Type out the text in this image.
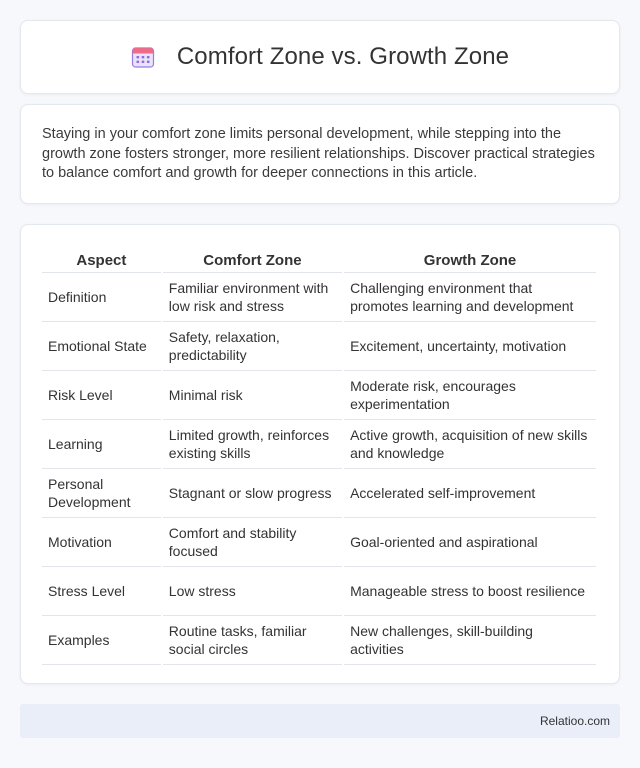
Comfort Zone vs. Growth Zone

Staying in your comfort zone limits personal development, while stepping into the growth zone fosters stronger, more resilient relationships. Discover practical strategies to balance comfort and growth for deeper connections in this article.

Aspect	Comfort Zone	Growth Zone
Definition	Familiar environment with low risk and stress	Challenging environment that promotes learning and development
Emotional State	Safety, relaxation, predictability	Excitement, uncertainty, motivation
Risk Level	Minimal risk	Moderate risk, encourages experimentation
Learning	Limited growth, reinforces existing skills	Active growth, acquisition of new skills and knowledge
Personal Development	Stagnant or slow progress	Accelerated self-improvement
Motivation	Comfort and stability focused	Goal-oriented and aspirational
Stress Level	Low stress	Manageable stress to boost resilience
Examples	Routine tasks, familiar social circles	New challenges, skill-building activities
Relatioo.com
